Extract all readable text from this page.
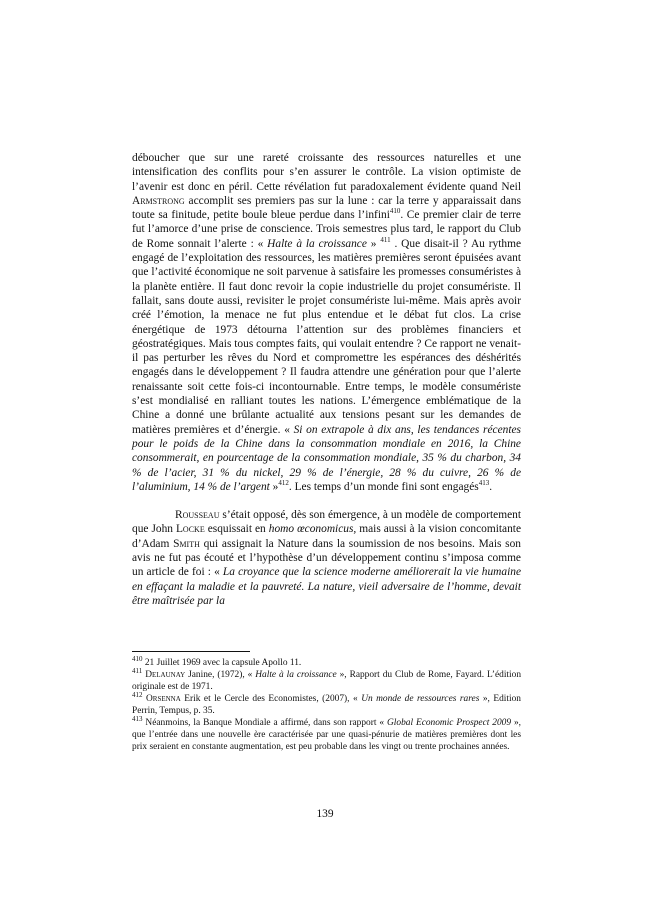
déboucher que sur une rareté croissante des ressources naturelles et une intensification des conflits pour s’en assurer le contrôle. La vision optimiste de l’avenir est donc en péril. Cette révélation fut paradoxalement évidente quand Neil Armstrong accomplit ses premiers pas sur la lune : car la terre y apparaissait dans toute sa finitude, petite boule bleue perdue dans l’infini$^{410}$. Ce premier clair de terre fut l’amorce d’une prise de conscience. Trois semestres plus tard, le rapport du Club de Rome sonnait l’alerte : « Halte à la croissance » $^{411}$ . Que disait-il ? Au rythme engagé de l’exploitation des ressources, les matières premières seront épuisées avant que l’activité économique ne soit parvenue à satisfaire les promesses consuméristes à la planète entière. Il faut donc revoir la copie industrielle du projet consumériste. Il fallait, sans doute aussi, revisiter le projet consumériste lui-même. Mais après avoir créé l’émotion, la menace ne fut plus entendue et le débat fut clos. La crise énergétique de 1973 détourna l’attention sur des problèmes financiers et géostratégiques. Mais tous comptes faits, qui voulait entendre ? Ce rapport ne venait-il pas perturber les rêves du Nord et compromettre les espérances des déshérités engagés dans le développement ? Il faudra attendre une génération pour que l’alerte renaissante soit cette fois-ci incontournable. Entre temps, le modèle consumériste s’est mondialisé en ralliant toutes les nations. L’émergence emblématique de la Chine a donné une brûlante actualité aux tensions pesant sur les demandes de matières premières et d’énergie. « Si on extrapole à dix ans, les tendances récentes pour le poids de la Chine dans la consommation mondiale en 2016, la Chine consommerait, en pourcentage de la consommation mondiale, 35 % du charbon, 34 % de l’acier, 31 % du nickel, 29 % de l’énergie, 28 % du cuivre, 26 % de l’aluminium, 14 % de l’argent »$^{412}$. Les temps d’un monde fini sont engagés$^{413}$.

Rousseau s’était opposé, dès son émergence, à un modèle de comportement que John Locke esquissait en homo œconomicus, mais aussi à la vision concomitante d’Adam Smith qui assignait la Nature dans la soumission de nos besoins. Mais son avis ne fut pas écouté et l’hypothèse d’un développement continu s’imposa comme un article de foi : « La croyance que la science moderne améliorerait la vie humaine en effaçant la maladie et la pauvreté. La nature, vieil adversaire de l’homme, devait être maîtrisée par la

$^{410}$ 21 Juillet 1969 avec la capsule Apollo 11.

$^{411}$ Delaunay Janine, (1972), « Halte à la croissance », Rapport du Club de Rome, Fayard. L’édition originale est de 1971.

$^{412}$ Orsenna Erik et le Cercle des Economistes, (2007), « Un monde de ressources rares », Edition Perrin, Tempus, p. 35.

$^{413}$ Néanmoins, la Banque Mondiale a affirmé, dans son rapport « Global Economic Prospect 2009 », que l’entrée dans une nouvelle ère caractérisée par une quasi-pénurie de matières premières dont les prix seraient en constante augmentation, est peu probable dans les vingt ou trente prochaines années.

139
